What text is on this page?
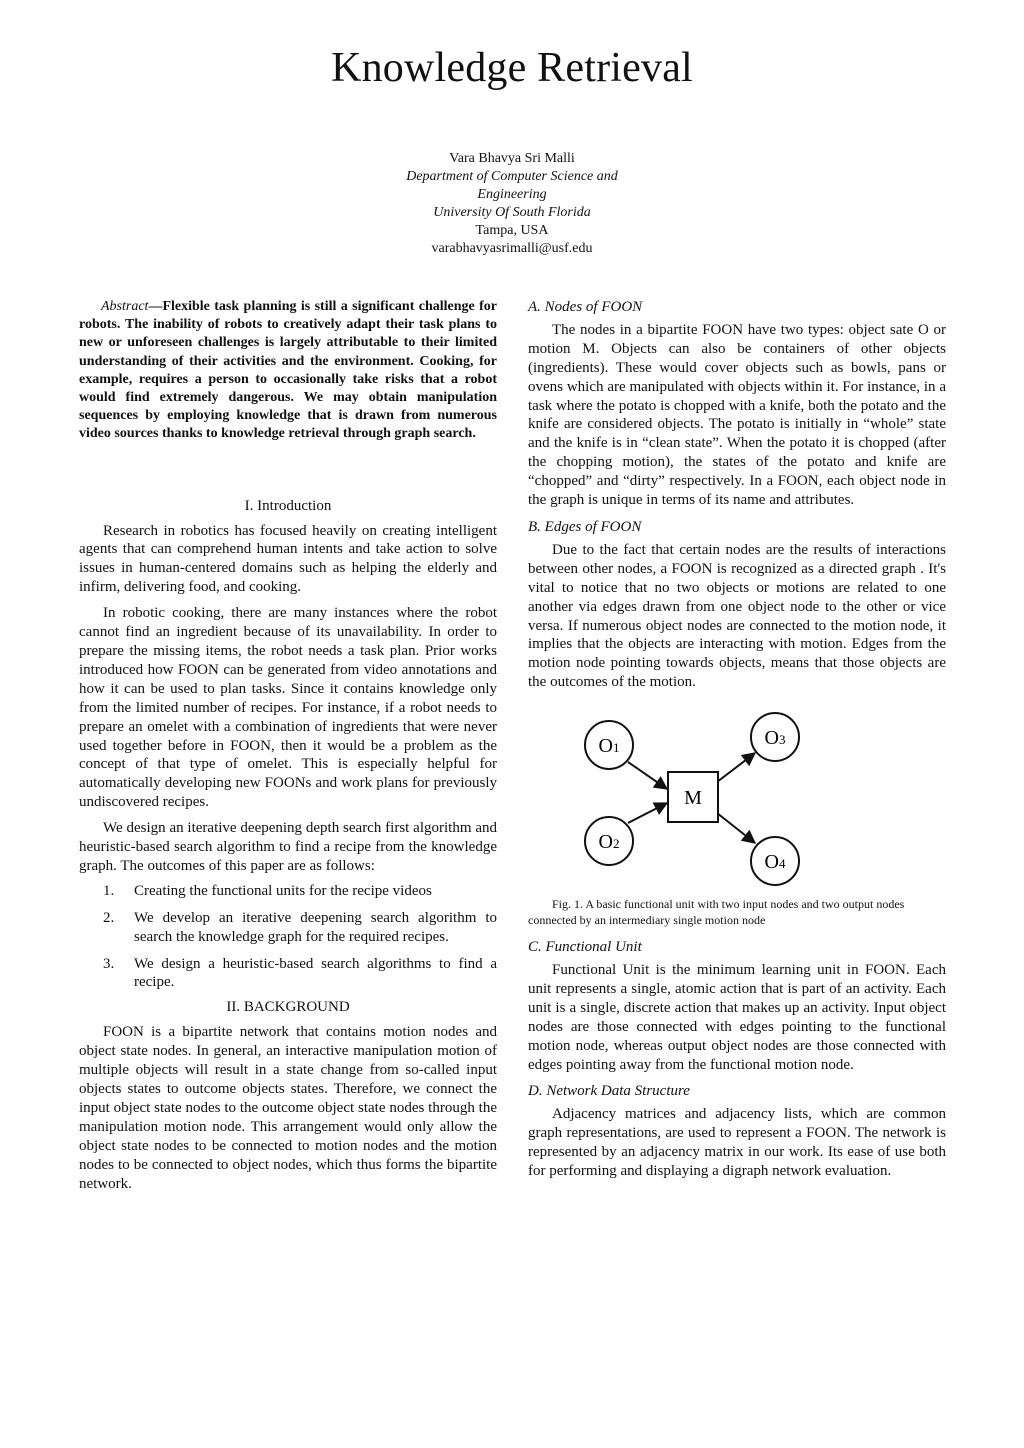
Knowledge Retrieval
Vara Bhavya Sri Malli
Department of Computer Science and
Engineering
University Of South Florida
Tampa, USA
varabhavyasrimalli@usf.edu

Abstract—Flexible task planning is still a significant challenge for robots. The inability of robots to creatively adapt their task plans to new or unforeseen challenges is largely attributable to their limited understanding of their activities and the environment. Cooking, for example, requires a person to occasionally take risks that a robot would find extremely dangerous. We may obtain manipulation sequences by employing knowledge that is drawn from numerous video sources thanks to knowledge retrieval through graph search.

I. Introduction

Research in robotics has focused heavily on creating intelligent agents that can comprehend human intents and take action to solve issues in human-centered domains such as helping the elderly and infirm, delivering food, and cooking.

In robotic cooking, there are many instances where the robot cannot find an ingredient because of its unavailability. In order to prepare the missing items, the robot needs a task plan. Prior works introduced how FOON can be generated from video annotations and how it can be used to plan tasks. Since it contains knowledge only from the limited number of recipes. For instance, if a robot needs to prepare an omelet with a combination of ingredients that were never used together before in FOON, then it would be a problem as the concept of that type of omelet. This is especially helpful for automatically developing new FOONs and work plans for previously undiscovered recipes.

We design an iterative deepening depth search first algorithm and heuristic-based search algorithm to find a recipe from the knowledge graph. The outcomes of this paper are as follows:

1. Creating the functional units for the recipe videos
2. We develop an iterative deepening search algorithm to search the knowledge graph for the required recipes.
3. We design a heuristic-based search algorithms to find a recipe.
II. BACKGROUND

FOON is a bipartite network that contains motion nodes and object state nodes. In general, an interactive manipulation motion of multiple objects will result in a state change from so-called input objects states to outcome objects states. Therefore, we connect the input object state nodes to the outcome object state nodes through the manipulation motion node. This arrangement would only allow the object state nodes to be connected to motion nodes and the motion nodes to be connected to object nodes, which thus forms the bipartite network.

A. Nodes of FOON

The nodes in a bipartite FOON have two types: object sate O or motion M. Objects can also be containers of other objects (ingredients). These would cover objects such as bowls, pans or ovens which are manipulated with objects within it. For instance, in a task where the potato is chopped with a knife, both the potato and the knife are considered objects. The potato is initially in “whole” state and the knife is in “clean state”. When the potato it is chopped (after the chopping motion), the states of the potato and knife are “chopped” and “dirty” respectively. In a FOON, each object node in the graph is unique in terms of its name and attributes.

B. Edges of FOON

Due to the fact that certain nodes are the results of interactions between other nodes, a FOON is recognized as a directed graph . It's vital to notice that no two objects or motions are related to one another via edges drawn from one object node to the other or vice versa. If numerous object nodes are connected to the motion node, it implies that the objects are interacting with motion. Edges from the motion node pointing towards objects, means that those objects are the outcomes of the motion.

O1
O2
O3
O4
M

Fig. 1. A basic functional unit with two input nodes and two output nodes connected by an intermediary single motion node

C. Functional Unit

Functional Unit is the minimum learning unit in FOON. Each unit represents a single, atomic action that is part of an activity. Each unit is a single, discrete action that makes up an activity. Input object nodes are those connected with edges pointing to the functional motion node, whereas output object nodes are those connected with edges pointing away from the functional motion node.

D. Network Data Structure

Adjacency matrices and adjacency lists, which are common graph representations, are used to represent a FOON. The network is represented by an adjacency matrix in our work. Its ease of use both for performing and displaying a digraph network evaluation.
